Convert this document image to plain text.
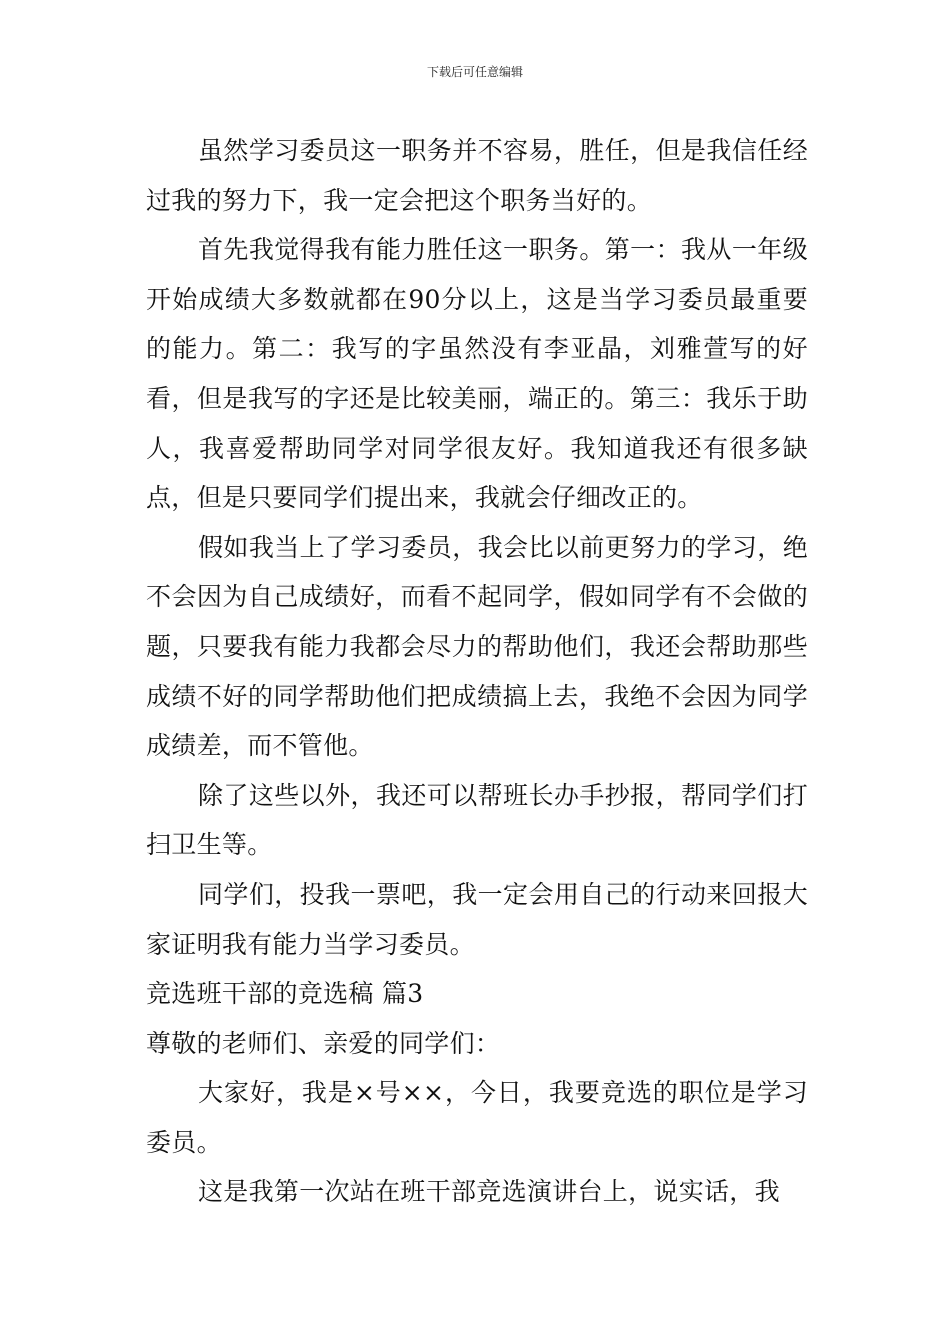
下载后可任意编辑

虽然学习委员这一职务并不容易，胜任，但是我信任经过我的努力下，我一定会把这个职务当好的。

首先我觉得我有能力胜任这一职务。第一：我从一年级开始成绩大多数就都在90分以上，这是当学习委员最重要的能力。第二：我写的字虽然没有李亚晶，刘雅萱写的好看，但是我写的字还是比较美丽，端正的。第三：我乐于助人，我喜爱帮助同学对同学很友好。我知道我还有很多缺点，但是只要同学们提出来，我就会仔细改正的。

假如我当上了学习委员，我会比以前更努力的学习，绝不会因为自己成绩好，而看不起同学，假如同学有不会做的题，只要我有能力我都会尽力的帮助他们，我还会帮助那些成绩不好的同学帮助他们把成绩搞上去，我绝不会因为同学成绩差，而不管他。

除了这些以外，我还可以帮班长办手抄报，帮同学们打扫卫生等。

同学们，投我一票吧，我一定会用自己的行动来回报大家证明我有能力当学习委员。

竞选班干部的竞选稿 篇3

尊敬的老师们、亲爱的同学们：

大家好，我是×号××，今日，我要竞选的职位是学习委员。

这是我第一次站在班干部竞选演讲台上，说实话，我
